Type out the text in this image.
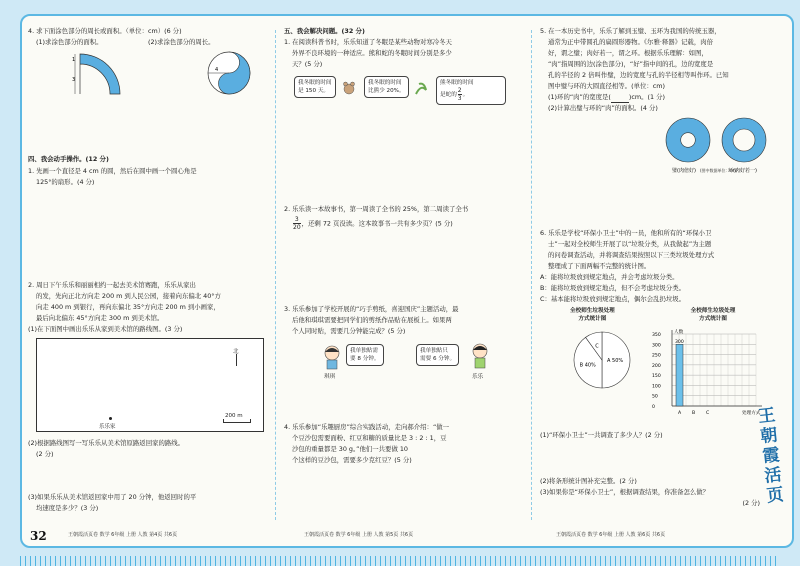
4. 求下面涂色部分的周长或面积。（单位：cm）(6 分)
(1)求涂色部分的面积。	(2)求涂色部分的周长。
1
3
4
四、我会动手操作。(12 分)
1. 先画一个直径是 4 cm 的圆，然后在圆中画一个圆心角是
125°的扇形。(4 分)
2. 周日下午乐乐和丽丽相约一起去美术馆赛跑，乐乐从家出
的发，先向正北方向走 200 m 到人民公园，接着向东偏北 40°方
向走 400 m 到银行，再向东偏北 35°方向走 200 m 到小画家，
最后向北偏东 45°方向走 300 m 到美术馆。
(1)在下面图中画出乐乐从家到美术馆的路线图。(3 分)
北
乐乐家
200 m
(2)根据路线图写一写乐乐从美术馆原路返回家的路线。
(2 分)
(3)如果乐乐从美术馆返回家中用了 20 分钟，他返回时的平
均速度是多少？(3 分)
王朝霞活页卷 数学 6年级 上册 人教 第4页 共6页
五、我会解决问题。(32 分)
1. 在阅读科普书时，乐乐知道了冬眠是某些动物对寒冷冬天
外界不良环境的一种适应。熊和蛇的冬眠时间分别是多少
天？(5 分)
我冬眠的时间
是 150 天。
我冬眠的时间
比熊少 20%。
熊冬眠的时间
是蛇的 $\frac{2}{3}$ 。
2. 乐乐读一本故事书，第一周读了全书的 25%，第二周读了全书
$\frac{3}{20}$ ，还剩 72 页没读。这本故事书一共有多少页？(5 分)
3. 乐乐参加了学校开展的“巧手剪纸，喜迎国庆”主题活动，最
后他和琪琪需要把同学们的剪纸作品贴在展板上。如果两
个人同时贴，需要几分钟能完成？(5 分)
我单独贴需
要 8 分钟。
琪琪
我单独贴只
需要 6 分钟。
乐乐
4. 乐乐参加“乐趣厨房”综合实践活动，走向郝介绍：“做一
个豆沙包需要面粉、红豆和糖的质量比是 3 : 2 : 1，豆
沙包的重量都是 30 g。”他们一共要做 10
个这样的豆沙包，需要多少克红豆？(5 分)
王朝霞活页卷 数学 6年级 上册 人教 第5页 共6页
5. 在一本历史书中，乐乐了解到玉璧、玉环为我国的传统玉器，
通常为正中带圆孔的扁圆形器物。《尔雅·释器》记载，肉倍
好，谓之璧；肉好若一，谓之环。根据乐乐理解：如图，
“肉”指周围的边(涂色部分)，“好”指中间的孔，边的宽度是
孔的半径的 2 倍叫作璧，边的宽度与孔的半径相等叫作环。已知
图中璧与环的大圆直径相等。(单位：cm)
(1)环的“肉”的宽度是(	)cm。(1 分)
(2)计算出璧与环的“肉”的面积。(4 分)
璧(肉倍好)	环(肉好若一)
(图中数据单位：cm)
6. 乐乐是学校“环保小卫士”中的一员，他和所有的“环保小卫
士”一起对全校师生开展了以“垃圾分类，从我做起”为主题
的问卷调查活动，并将调查结果按照以下三类垃圾处理方式
整理成了下面两幅不完整的统计图。
A：能将垃圾放到规定地点，并会考虑垃圾分类。
B：能将垃圾放到规定地点，但不会考虑垃圾分类。
C：基本能将垃圾放到规定地点，偶尔会乱扔垃圾。
全校师生垃圾处理
方式统计图
A 50%
B 40%
C
全校师生垃圾处理
方式统计图
350
300
250
200
150
100
50
0
人数
处理方式
A
300
B C
(1)“环保小卫士”一共调查了多少人？(2 分)
(2)将条形统计图补充完整。(2 分)
(3)如果你是“环保小卫士”，根据调查结果，你准备怎么做？
(2 分)
王朝霞活页卷 数学 6年级 上册 人教 第6页 共6页
王朝霞活页
32
